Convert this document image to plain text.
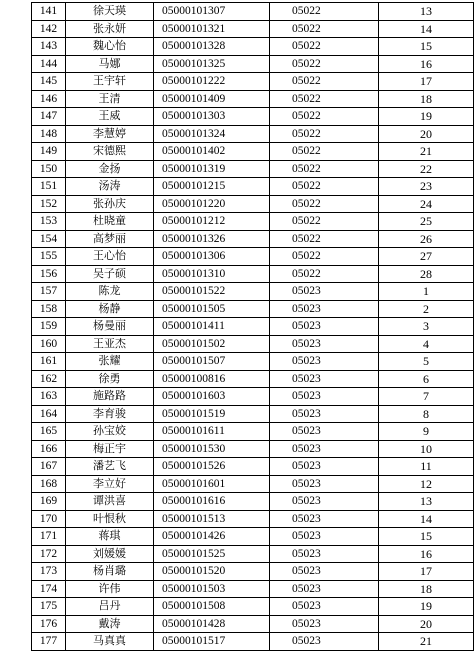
141	徐天瑛	05000101307	05022	13
142	张永妍	05000101321	05022	14
143	魏心怡	05000101328	05022	15
144	马娜	05000101325	05022	16
145	王宇轩	05000101222	05022	17
146	王清	05000101409	05022	18
147	王威	05000101303	05022	19
148	李慧婷	05000101324	05022	20
149	宋德熙	05000101402	05022	21
150	金扬	05000101319	05022	22
151	汤涛	05000101215	05022	23
152	张孙庆	05000101220	05022	24
153	杜晓童	05000101212	05022	25
154	高梦丽	05000101326	05022	26
155	王心怡	05000101306	05022	27
156	吴子硕	05000101310	05022	28
157	陈龙	05000101522	05023	1
158	杨静	05000101505	05023	2
159	杨曼丽	05000101411	05023	3
160	王亚杰	05000101502	05023	4
161	张耀	05000101507	05023	5
162	徐勇	05000100816	05023	6
163	施路路	05000101603	05023	7
164	李育骏	05000101519	05023	8
165	孙宝姣	05000101611	05023	9
166	梅正宇	05000101530	05023	10
167	潘艺飞	05000101526	05023	11
168	李立好	05000101601	05023	12
169	谭洪喜	05000101616	05023	13
170	叶恨秋	05000101513	05023	14
171	蒋琪	05000101426	05023	15
172	刘媛媛	05000101525	05023	16
173	杨肖璐	05000101520	05023	17
174	许伟	05000101503	05023	18
175	吕丹	05000101508	05023	19
176	戴涛	05000101428	05023	20
177	马真真	05000101517	05023	21
